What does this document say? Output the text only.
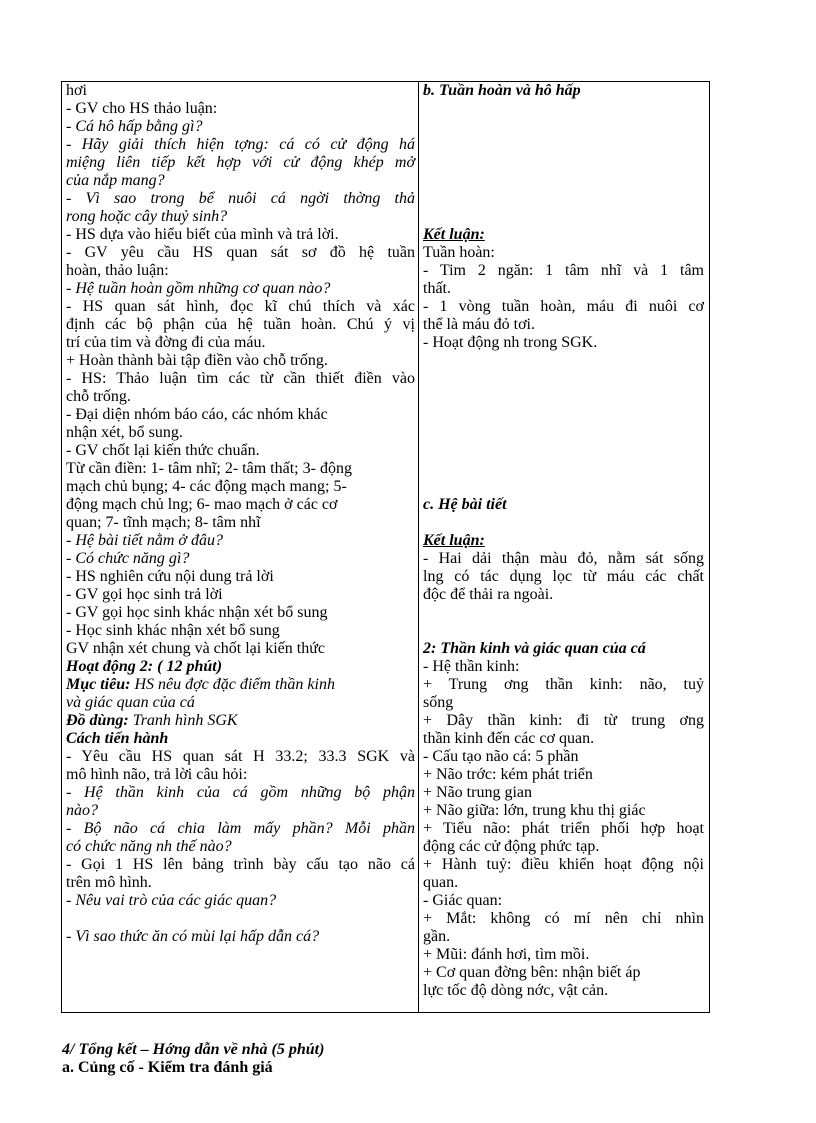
hơi
- GV cho HS thảo luận:
- Cá hô hấp bằng gì?
- Hãy giải thích hiện tợng: cá có cử động há
miệng liên tiếp kết hợp với cử động khép mở
của nắp mang?
- Vì sao trong bể nuôi cá ngời thờng thả
rong hoặc cây thuỷ sinh?
- HS dựa vào hiểu biết của mình và trả lời.
- GV yêu cầu HS quan sát sơ đồ hệ tuần
hoàn, thảo luận:
- Hệ tuần hoàn gồm những cơ quan nào?
- HS quan sát hình, đọc kĩ chú thích và xác
định các bộ phận của hệ tuần hoàn. Chú ý vị
trí của tim và đờng đi của máu.
+ Hoàn thành bài tập điền vào chỗ trống.
- HS: Thảo luận tìm các từ cần thiết điền vào
chỗ trống.
- Đại diện nhóm báo cáo, các nhóm khác
nhận xét, bổ sung.
- GV chốt lại kiến thức chuẩn.
Từ cần điền: 1- tâm nhĩ; 2- tâm thất; 3- động
mạch chủ bụng; 4- các động mạch mang; 5-
động mạch chủ lng; 6- mao mạch ở các cơ
quan; 7- tĩnh mạch; 8- tâm nhĩ
- Hệ bài tiết nằm ở đâu?
- Có chức năng gì?
- HS nghiên cứu nội dung trả lời
- GV gọi học sinh trả lời
- GV gọi học sinh khác nhận xét bổ sung
- Học sinh khác nhận xét bổ sung
GV nhận xét chung và chốt lại kiến thức
Hoạt động 2: ( 12 phút)
Mục tiêu: HS nêu đợc đặc điểm thần kinh
và giác quan của cá
Đồ dùng: Tranh hình SGK
Cách tiến hành
- Yêu cầu HS quan sát H 33.2; 33.3 SGK và
mô hình não, trả lời câu hỏi:
- Hệ thần kinh của cá gồm những bộ phận
nào?
- Bộ não cá chia làm mấy phần? Mỗi phần
có chức năng nh thế nào?
- Gọi 1 HS lên bảng trình bày cấu tạo não cá
trên mô hình.
- Nêu vai trò của các giác quan?

- Vì sao thức ăn có mùi lại hấp dẫn cá?
b. Tuần hoàn và hô hấp

Kết luận:
Tuần hoàn:
- Tim 2 ngăn: 1 tâm nhĩ và 1 tâm
thất.
- 1 vòng tuần hoàn, máu đi nuôi cơ
thể là máu đỏ tơi.
- Hoạt động nh trong SGK.

c. Hệ bài tiết

Kết luận:
- Hai dải thận màu đỏ, nằm sát sống
lng có tác dụng lọc từ máu các chất
độc để thải ra ngoài.

2: Thần kinh và giác quan của cá
- Hệ thần kinh:
+ Trung ơng thần kinh: não, tuỷ
sống
+ Dây thần kinh: đi từ trung ơng
thần kinh đến các cơ quan.
- Cấu tạo não cá: 5 phần
+ Não trớc: kém phát triển
+ Não trung gian
+ Não giữa: lớn, trung khu thị giác
+ Tiểu não: phát triển phối hợp hoạt
động các cử động phức tạp.
+ Hành tuỷ: điều khiển hoạt động nội
quan.
- Giác quan:
+ Mắt: không có mí nên chỉ nhìn
gần.
+ Mũi: đánh hơi, tìm mồi.
+ Cơ quan đờng bên: nhận biết áp
lực tốc độ dòng nớc, vật cản.
4/ Tổng kết – Hớng dẫn về nhà (5 phút)
a. Củng cố - Kiểm tra đánh giá
